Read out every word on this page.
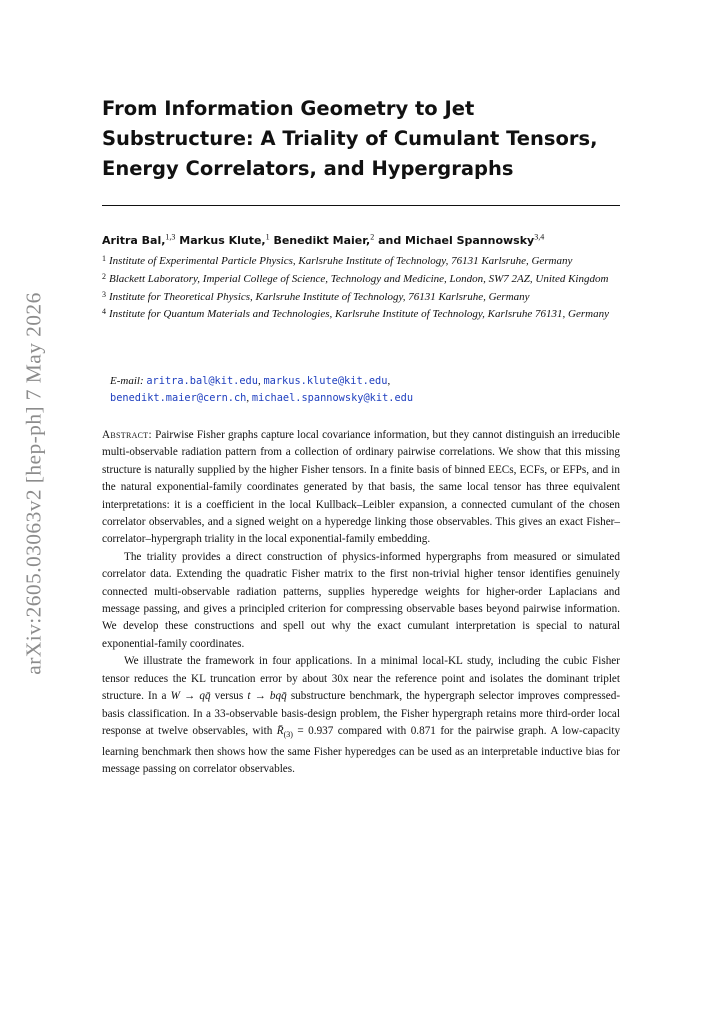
arXiv:2605.03063v2 [hep-ph] 7 May 2026
From Information Geometry to Jet Substructure: A Triality of Cumulant Tensors, Energy Correlators, and Hypergraphs
Aritra Bal,$^{1,3}$ Markus Klute,$^1$ Benedikt Maier,$^2$ and Michael Spannowsky$^{3,4}$
1 Institute of Experimental Particle Physics, Karlsruhe Institute of Technology, 76131 Karlsruhe, Germany
2 Blackett Laboratory, Imperial College of Science, Technology and Medicine, London, SW7 2AZ, United Kingdom
3 Institute for Theoretical Physics, Karlsruhe Institute of Technology, 76131 Karlsruhe, Germany
4 Institute for Quantum Materials and Technologies, Karlsruhe Institute of Technology, Karlsruhe 76131, Germany
E-mail: aritra.bal@kit.edu, markus.klute@kit.edu,
benedikt.maier@cern.ch, michael.spannowsky@kit.edu

Abstract: Pairwise Fisher graphs capture local covariance information, but they cannot distinguish an irreducible multi-observable radiation pattern from a collection of ordinary pairwise correlations. We show that this missing structure is naturally supplied by the higher Fisher tensors. In a finite basis of binned EECs, ECFs, or EFPs, and in the natural exponential-family coordinates generated by that basis, the same local tensor has three equivalent interpretations: it is a coefficient in the local Kullback–Leibler expansion, a connected cumulant of the chosen correlator observables, and a signed weight on a hyperedge linking those observables. This gives an exact Fisher–correlator–hypergraph triality in the local exponential-family embedding.

The triality provides a direct construction of physics-informed hypergraphs from measured or simulated correlator data. Extending the quadratic Fisher matrix to the first non-trivial higher tensor identifies genuinely connected multi-observable radiation patterns, supplies hyperedge weights for higher-order Laplacians and message passing, and gives a principled criterion for compressing observable bases beyond pairwise information. We develop these constructions and spell out why the exact cumulant interpretation is special to natural exponential-family coordinates.

We illustrate the framework in four applications. In a minimal local-KL study, including the cubic Fisher tensor reduces the KL truncation error by about 30x near the reference point and isolates the dominant triplet structure. In a W → qq̄ versus t → bqq̄ substructure benchmark, the hypergraph selector improves compressed-basis classification. In a 33-observable basis-design problem, the Fisher hypergraph retains more third-order local response at twelve observables, with $R̄_{(3)} = 0.937$ compared with 0.871 for the pairwise graph. A low-capacity learning benchmark then shows how the same Fisher hyperedges can be used as an interpretable inductive bias for message passing on correlator observables.
